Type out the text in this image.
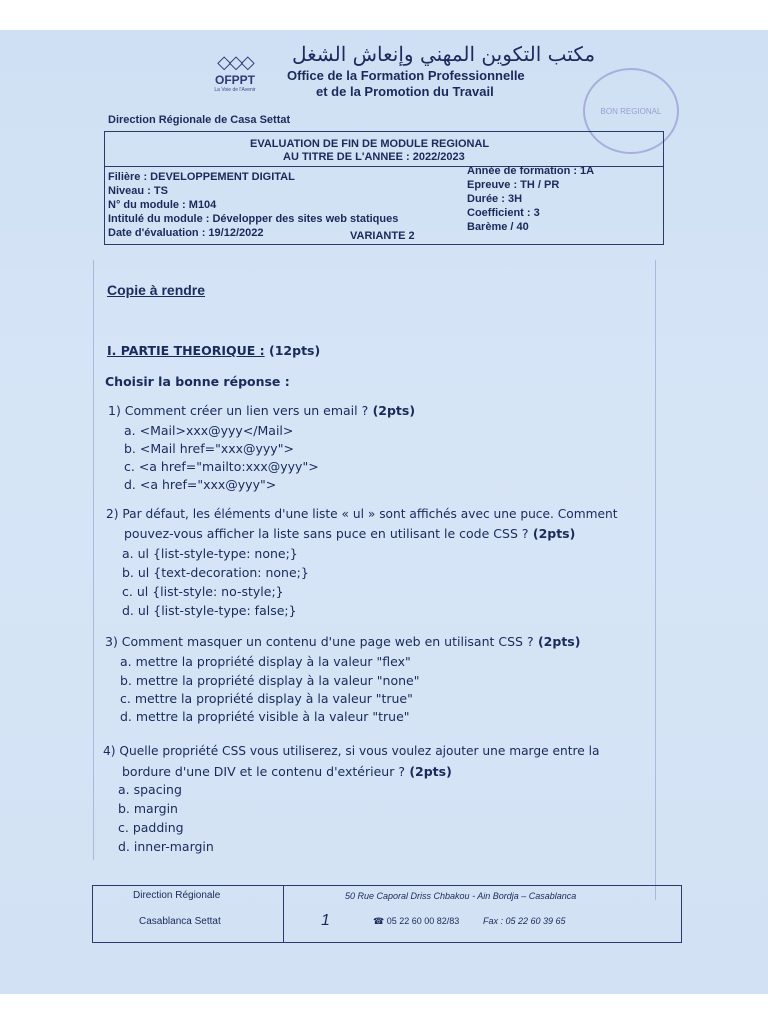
◇◇◇
OFPPT
La Voie de l'Avenir
مكتب التكوين المهني وإنعاش الشغل
Office de la Formation Professionnelle
et de la Promotion du Travail
Direction Régionale de Casa Settat
BON REGIONAL
EVALUATION DE FIN DE MODULE REGIONAL
AU TITRE DE L'ANNEE : 2022/2023
Filière : DEVELOPPEMENT DIGITAL
Niveau : TS
N° du module : M104
Intitulé du module : Développer des sites web statiques
Date d'évaluation : 19/12/2022
Année de formation : 1A
Epreuve : TH / PR
Durée : 3H
Coefficient : 3
Barème / 40
VARIANTE 2
Copie à rendre
I. PARTIE THEORIQUE : (12pts)
Choisir la bonne réponse :
1) Comment créer un lien vers un email ? (2pts)
a. <Mail>xxx@yyy</Mail>
b. <Mail href="xxx@yyy">
c. <a href="mailto:xxx@yyy">
d. <a href="xxx@yyy">
2) Par défaut, les éléments d'une liste « ul » sont affichés avec une puce. Comment
pouvez-vous afficher la liste sans puce en utilisant le code CSS ? (2pts)
a. ul {list-style-type: none;}
b. ul {text-decoration: none;}
c. ul {list-style: no-style;}
d. ul {list-style-type: false;}
3) Comment masquer un contenu d'une page web en utilisant CSS ? (2pts)
a. mettre la propriété display à la valeur "flex"
b. mettre la propriété display à la valeur "none"
c. mettre la propriété display à la valeur "true"
d. mettre la propriété visible à la valeur "true"
4) Quelle propriété CSS vous utiliserez, si vous voulez ajouter une marge entre la
bordure d'une DIV et le contenu d'extérieur ? (2pts)
a. spacing
b. margin
c. padding
d. inner-margin
Direction Régionale
Casablanca Settat	1
50 Rue Caporal Driss Chbakou - Ain Bordja – Casablanca
☎ 05 22 60 00 82/83	Fax : 05 22 60 39 65
